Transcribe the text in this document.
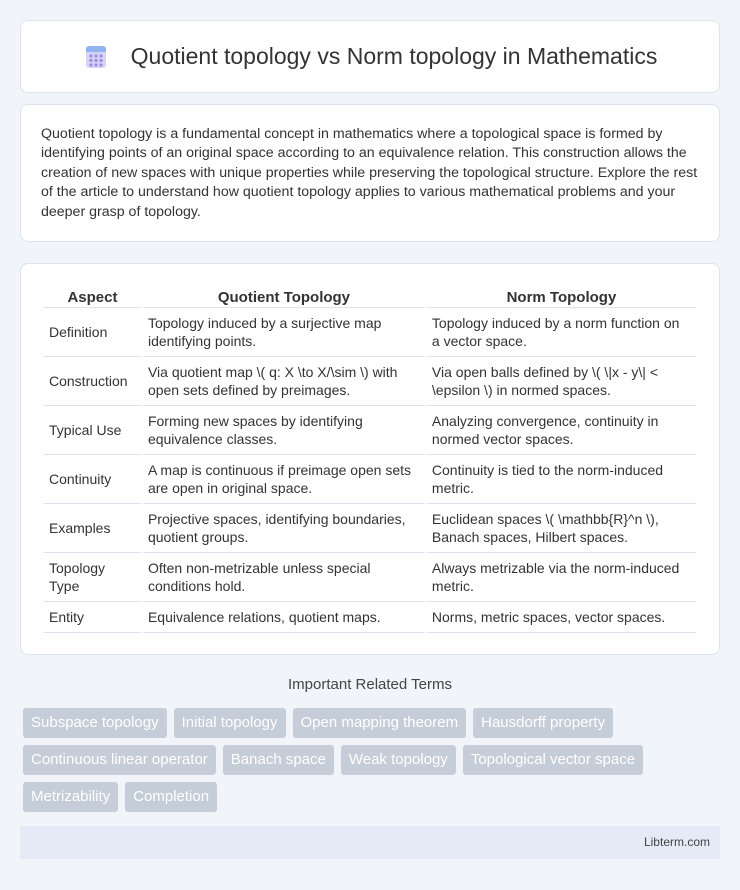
Quotient topology vs Norm topology in Mathematics

Quotient topology is a fundamental concept in mathematics where a topological space is formed by identifying points of an original space according to an equivalence relation. This construction allows the creation of new spaces with unique properties while preserving the topological structure. Explore the rest of the article to understand how quotient topology applies to various mathematical problems and your deeper grasp of topology.

Aspect	Quotient Topology	Norm Topology
Definition	Topology induced by a surjective map identifying points.	Topology induced by a norm function on a vector space.
Construction	Via quotient map \( q: X \to X/\sim \) with open sets defined by preimages.	Via open balls defined by \( \|x - y\| < \epsilon \) in normed spaces.
Typical Use	Forming new spaces by identifying equivalence classes.	Analyzing convergence, continuity in normed vector spaces.
Continuity	A map is continuous if preimage open sets are open in original space.	Continuity is tied to the norm-induced metric.
Examples	Projective spaces, identifying boundaries, quotient groups.	Euclidean spaces \( \mathbb{R}^n \), Banach spaces, Hilbert spaces.
Topology Type	Often non-metrizable unless special conditions hold.	Always metrizable via the norm-induced metric.
Entity	Equivalence relations, quotient maps.	Norms, metric spaces, vector spaces.
Important Related Terms
Subspace topology	Initial topology	Open mapping theorem	Hausdorff property
Continuous linear operator	Banach space	Weak topology	Topological vector space
Metrizability	Completion
Libterm.com
